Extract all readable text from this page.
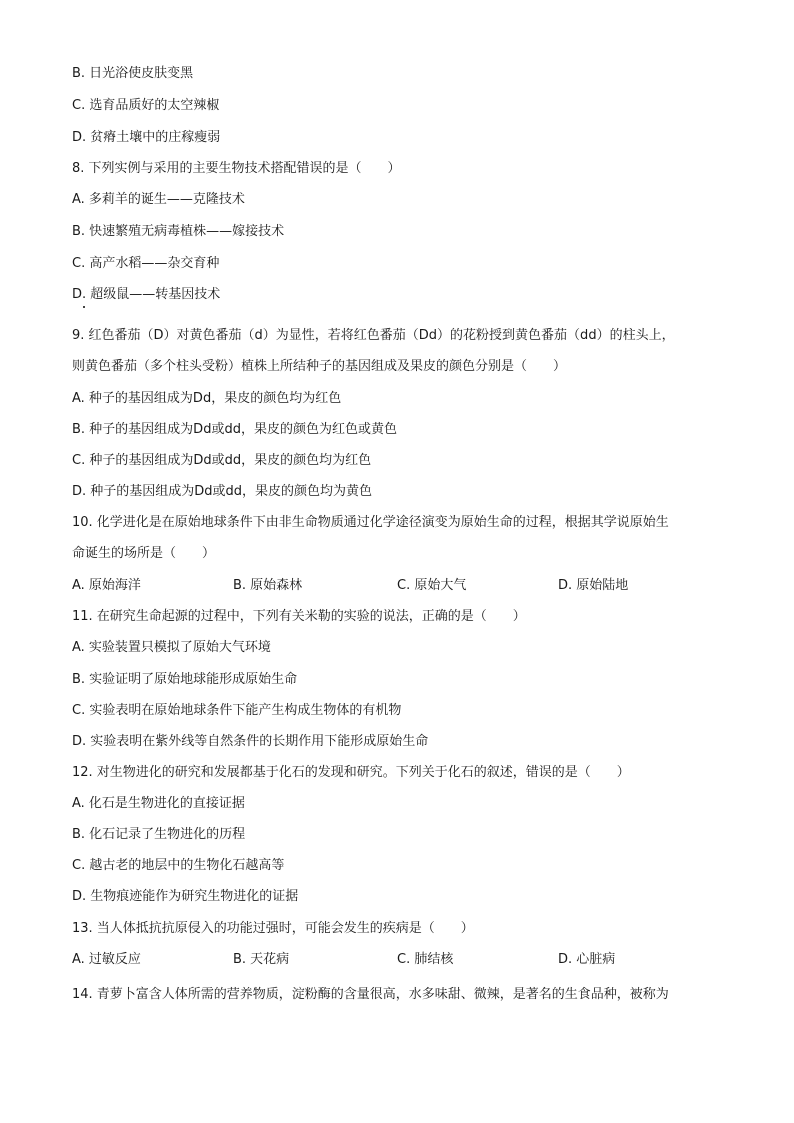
B. 日光浴使皮肤变黑
C. 选育品质好的太空辣椒
D. 贫瘠土壤中的庄稼瘦弱
8. 下列实例与采用的主要生物技术搭配错误的是（　　）
A. 多莉羊的诞生——克隆技术
B. 快速繁殖无病毒植株——嫁接技术
C. 高产水稻——杂交育种
D. 超级鼠——转基因技术
9. 红色番茄（D）对黄色番茄（d）为显性，若将红色番茄（Dd）的花粉授到黄色番茄（dd）的柱头上，
则黄色番茄（多个柱头受粉）植株上所结种子的基因组成及果皮的颜色分别是（　　）
A. 种子的基因组成为Dd，果皮的颜色均为红色
B. 种子的基因组成为Dd或dd，果皮的颜色为红色或黄色
C. 种子的基因组成为Dd或dd，果皮的颜色均为红色
D. 种子的基因组成为Dd或dd，果皮的颜色均为黄色
10. 化学进化是在原始地球条件下由非生命物质通过化学途径演变为原始生命的过程，根据其学说原始生
命诞生的场所是（　　）
A. 原始海洋	B. 原始森林	C. 原始大气	D. 原始陆地
11. 在研究生命起源的过程中，下列有关米勒的实验的说法，正确的是（　　）
A. 实验装置只模拟了原始大气环境
B. 实验证明了原始地球能形成原始生命
C. 实验表明在原始地球条件下能产生构成生物体的有机物
D. 实验表明在紫外线等自然条件的长期作用下能形成原始生命
12. 对生物进化的研究和发展都基于化石的发现和研究。下列关于化石的叙述，错误的是（　　）
A. 化石是生物进化的直接证据
B. 化石记录了生物进化的历程
C. 越古老的地层中的生物化石越高等
D. 生物痕迹能作为研究生物进化的证据
13. 当人体抵抗抗原侵入的功能过强时，可能会发生的疾病是（　　）
A. 过敏反应	B. 天花病	C. 肺结核	D. 心脏病
14. 青萝卜富含人体所需的营养物质，淀粉酶的含量很高，水多味甜、微辣，是著名的生食品种，被称为
